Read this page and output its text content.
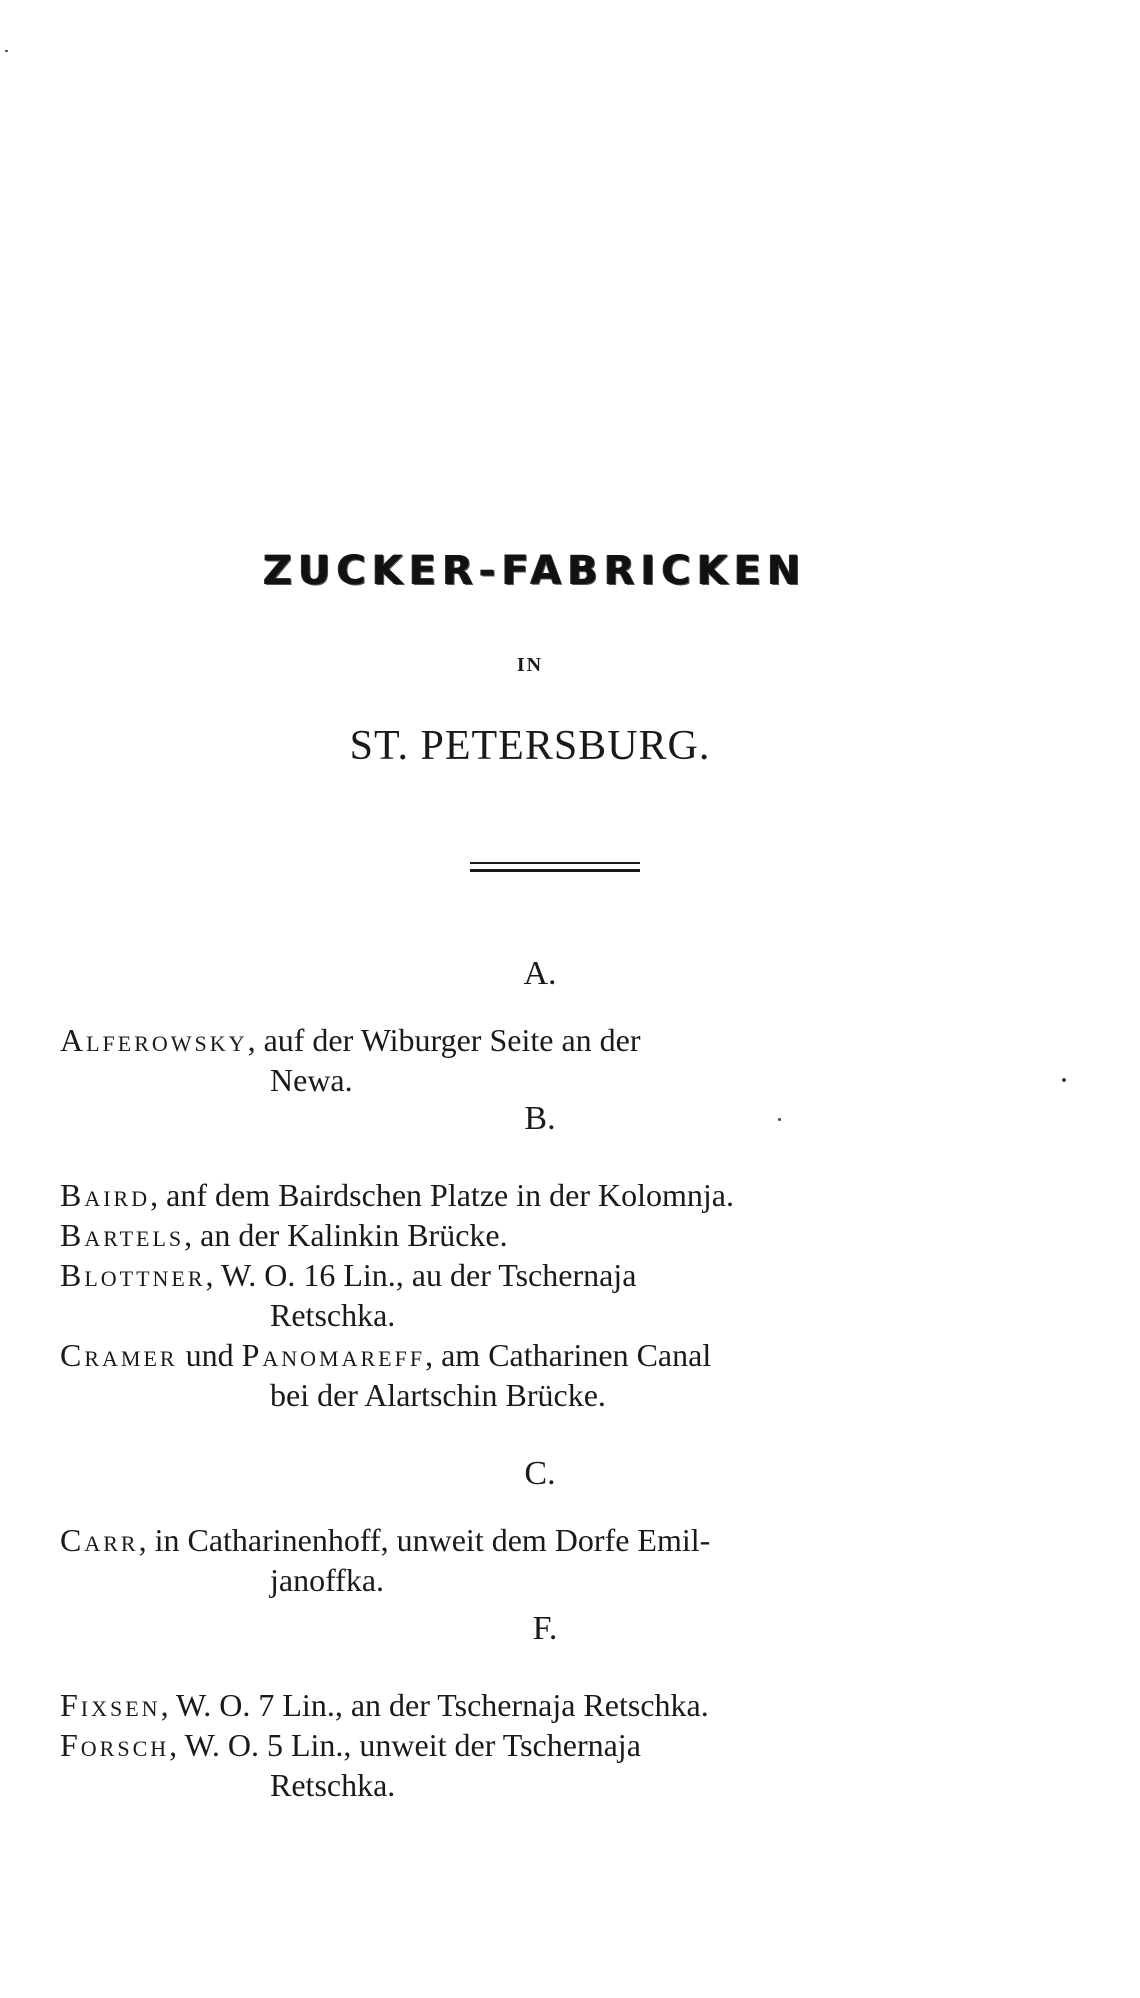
ZUCKER-FABRICKEN
IN
ST. PETERSBURG.
A.
Alferowsky, auf der Wiburger Seite an der
Newa.
B.
Baird, anf dem Bairdschen Platze in der Kolomnja.
Bartels, an der Kalinkin Brücke.
Blottner, W. O. 16 Lin., au der Tschernaja
Retschka.
Cramer und Panomareff, am Catharinen Canal
bei der Alartschin Brücke.
C.
Carr, in Catharinenhoff, unweit dem Dorfe Emil-
janoffka.
F.
Fixsen, W. O. 7 Lin., an der Tschernaja Retschka.
Forsch, W. O. 5 Lin., unweit der Tschernaja
Retschka.
